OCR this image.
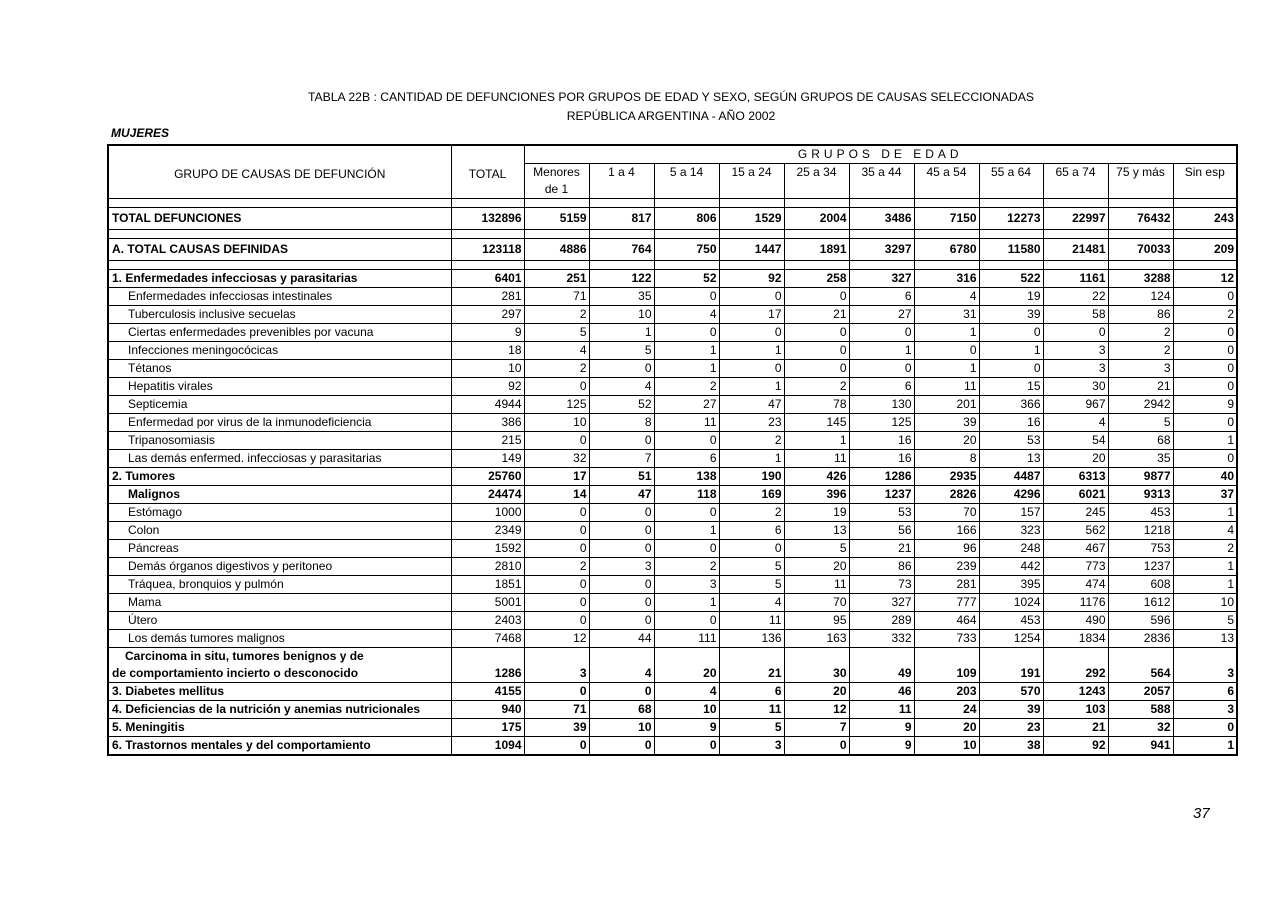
TABLA 22B : CANTIDAD DE DEFUNCIONES POR GRUPOS DE EDAD Y SEXO, SEGÚN GRUPOS DE CAUSAS SELECCIONADAS
REPÚBLICA ARGENTINA - AÑO 2002
MUJERES
GRUPO DE CAUSAS DE DEFUNCIÓN	TOTAL	GRUPOS DE EDAD										
		Menores	1 a 4	5 a 14	15 a 24	25 a 34	35 a 44	45 a 54	55 a 64	65 a 74	75 y más	Sin esp
		de 1										

TOTAL DEFUNCIONES	132896	5159	817	806	1529	2004	3486	7150	12273	22997	76432	243

A. TOTAL CAUSAS DEFINIDAS	123118	4886	764	750	1447	1891	3297	6780	11580	21481	70033	209

1. Enfermedades infecciosas y parasitarias	6401	251	122	52	92	258	327	316	522	1161	3288	12
Enfermedades infecciosas intestinales	281	71	35	0	0	0	6	4	19	22	124	0
Tuberculosis inclusive secuelas	297	2	10	4	17	21	27	31	39	58	86	2
Ciertas enfermedades prevenibles por vacuna	9	5	1	0	0	0	0	1	0	0	2	0
Infecciones meningocócicas	18	4	5	1	1	0	1	0	1	3	2	0
Tétanos	10	2	0	1	0	0	0	1	0	3	3	0
Hepatitis virales	92	0	4	2	1	2	6	11	15	30	21	0
Septicemia	4944	125	52	27	47	78	130	201	366	967	2942	9
Enfermedad por virus de la inmunodeficiencia	386	10	8	11	23	145	125	39	16	4	5	0
Tripanosomiasis	215	0	0	0	2	1	16	20	53	54	68	1
Las demás enfermed. infecciosas y parasitarias	149	32	7	6	1	11	16	8	13	20	35	0
2. Tumores	25760	17	51	138	190	426	1286	2935	4487	6313	9877	40
Malignos	24474	14	47	118	169	396	1237	2826	4296	6021	9313	37
Estómago	1000	0	0	0	2	19	53	70	157	245	453	1
Colon	2349	0	0	1	6	13	56	166	323	562	1218	4
Páncreas	1592	0	0	0	0	5	21	96	248	467	753	2
Demás órganos digestivos y peritoneo	2810	2	3	2	5	20	86	239	442	773	1237	1
Tráquea, bronquios y pulmón	1851	0	0	3	5	11	73	281	395	474	608	1
Mama	5001	0	0	1	4	70	327	777	1024	1176	1612	10
Útero	2403	0	0	0	11	95	289	464	453	490	596	5
Los demás tumores malignos	7468	12	44	111	136	163	332	733	1254	1834	2836	13
Carcinoma in situ, tumores benignos y de												
de comportamiento incierto o desconocido	1286	3	4	20	21	30	49	109	191	292	564	3
3. Diabetes mellitus	4155	0	0	4	6	20	46	203	570	1243	2057	6
4. Deficiencias de la nutrición y anemias nutricionales	940	71	68	10	11	12	11	24	39	103	588	3
5. Meningitis	175	39	10	9	5	7	9	20	23	21	32	0
6. Trastornos mentales y del comportamiento	1094	0	0	0	3	0	9	10	38	92	941	1
37
